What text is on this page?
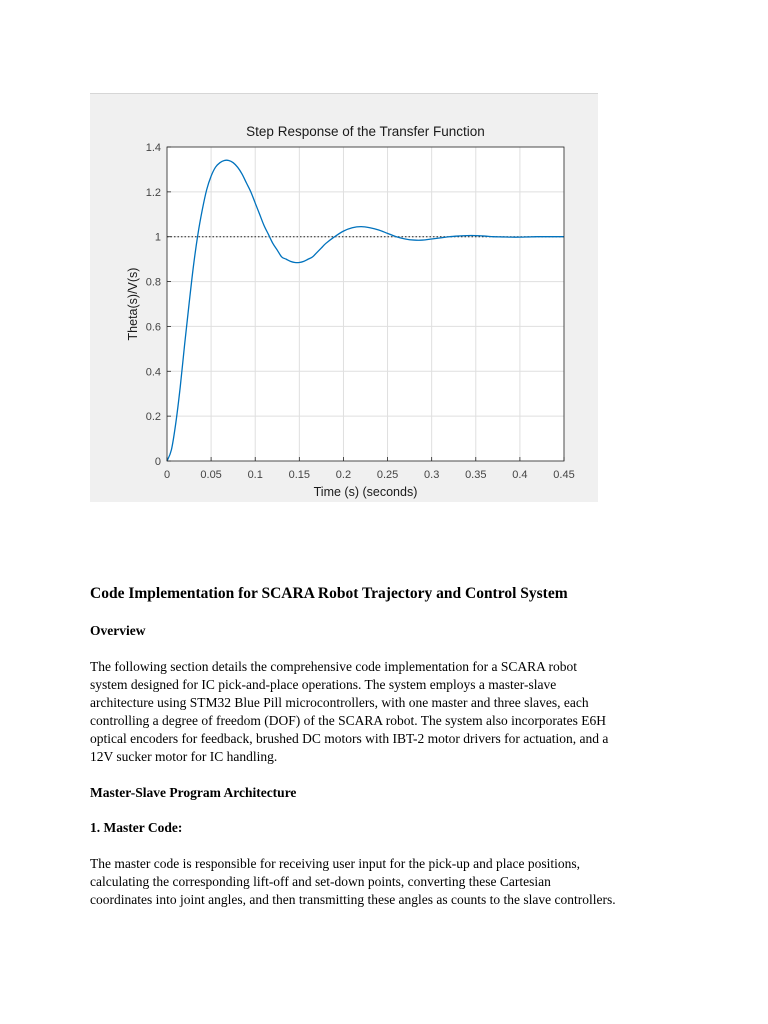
0	0.05 0.1 0.15 0.2 0.25 0.3 0.35 0.4 0.45
0
0.2
0.4
0.6
0.8
1
1.2
1.4
Step Response of the Transfer Function
Time (s) (seconds)
Theta(s)/V(s)
Code Implementation for SCARA Robot Trajectory and Control System
Overview

The following section details the comprehensive code implementation for a SCARA robot
system designed for IC pick-and-place operations. The system employs a master-slave
architecture using STM32 Blue Pill microcontrollers, with one master and three slaves, each
controlling a degree of freedom (DOF) of the SCARA robot. The system also incorporates E6H
optical encoders for feedback, brushed DC motors with IBT-2 motor drivers for actuation, and a
12V sucker motor for IC handling.

Master-Slave Program Architecture
1. Master Code:

The master code is responsible for receiving user input for the pick-up and place positions,
calculating the corresponding lift-off and set-down points, converting these Cartesian
coordinates into joint angles, and then transmitting these angles as counts to the slave controllers.
